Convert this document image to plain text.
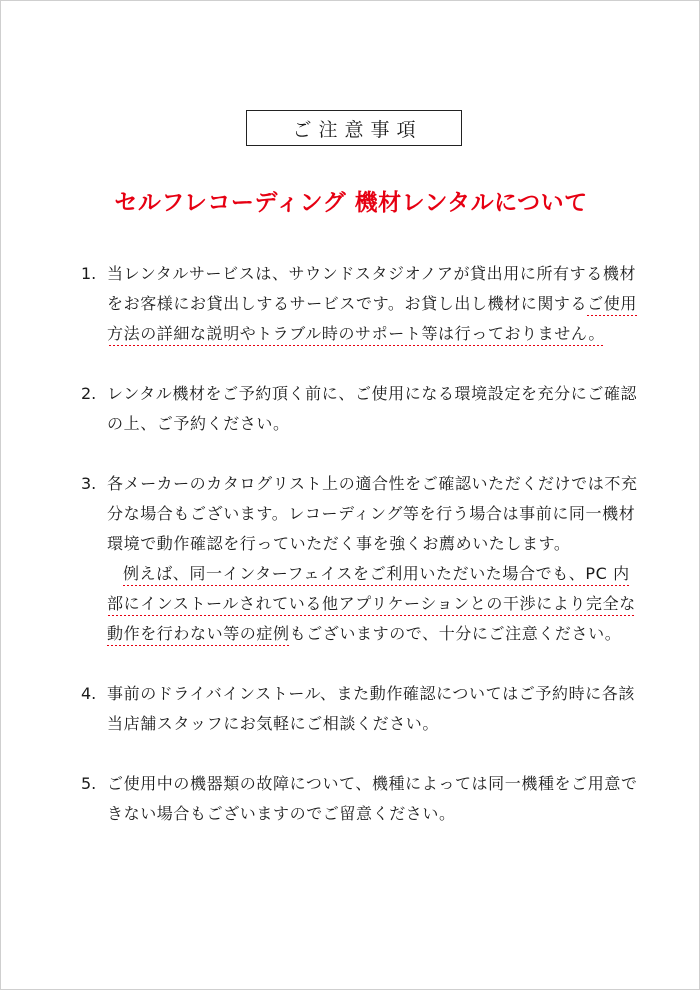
ご注意事項
セルフレコーディング 機材レンタルについて
1. 当レンタルサービスは、サウンドスタジオノアが貸出用に所有する機材をお客様にお貸出しするサービスです。お貸し出し機材に関するご使用方法の詳細な説明やトラブル時のサポート等は行っておりません。

2. レンタル機材をご予約頂く前に、ご使用になる環境設定を充分にご確認の上、ご予約ください。

3. 各メーカーのカタログリスト上の適合性をご確認いただくだけでは不充分な場合もございます。レコーディング等を行う場合は事前に同一機材環境で動作確認を行っていただく事を強くお薦めいたします。

例えば、同一インターフェイスをご利用いただいた場合でも、PC 内部にインストールされている他アプリケーションとの干渉により完全な動作を行わない等の症例もございますので、十分にご注意ください。

4. 事前のドライバインストール、また動作確認についてはご予約時に各該当店舗スタッフにお気軽にご相談ください。

5. ご使用中の機器類の故障について、機種によっては同一機種をご用意できない場合もございますのでご留意ください。
